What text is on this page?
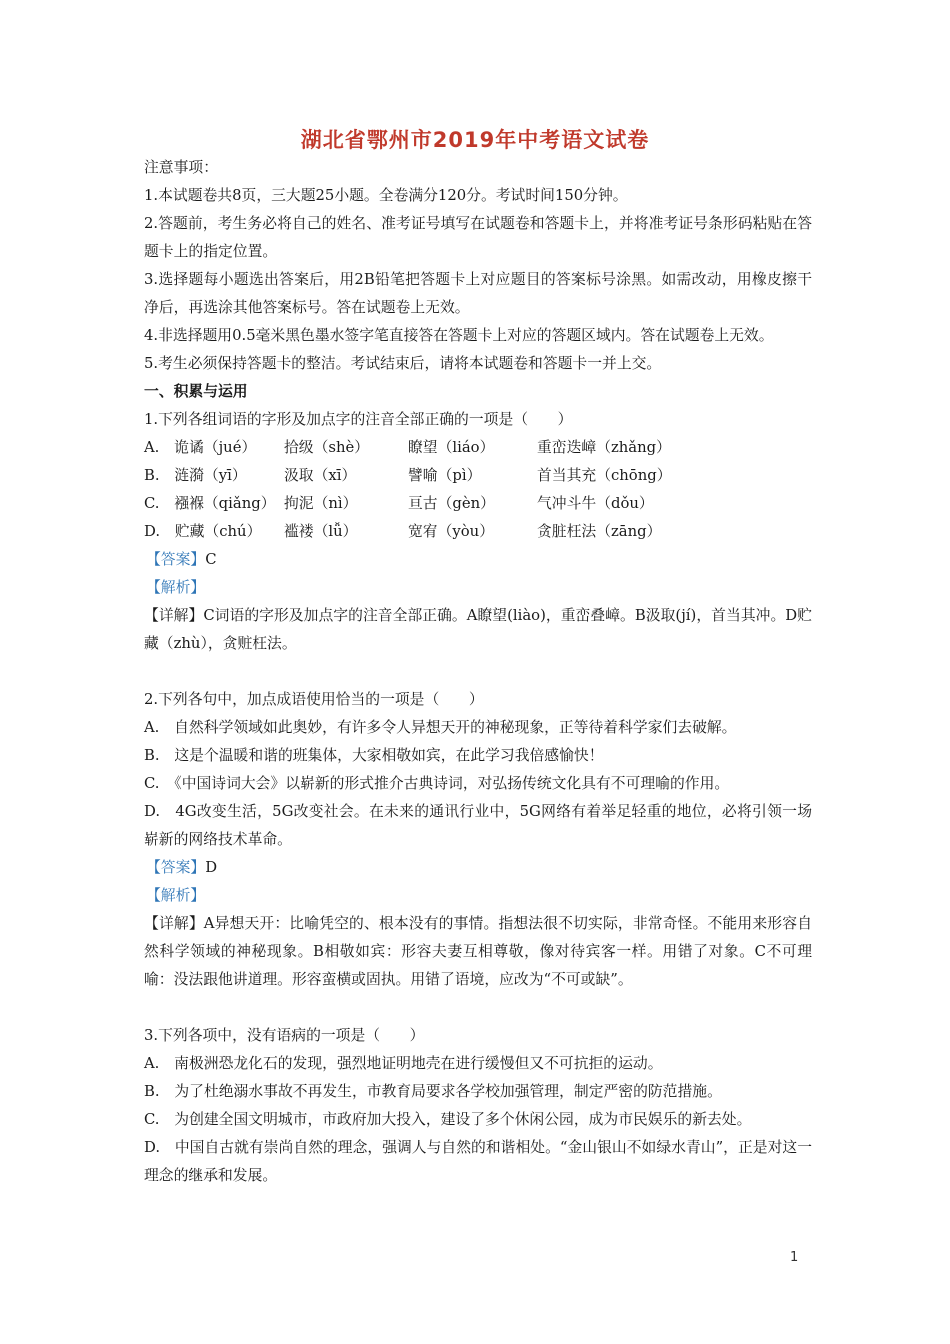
湖北省鄂州市2019年中考语文试卷
注意事项：
1.本试题卷共8页，三大题25小题。全卷满分120分。考试时间150分钟。
2.答题前，考生务必将自己的姓名、准考证号填写在试题卷和答题卡上，并将准考证号条形码粘贴在答题卡上的指定位置。
3.选择题每小题选出答案后，用2B铅笔把答题卡上对应题目的答案标号涂黑。如需改动，用橡皮擦干净后，再选涂其他答案标号。答在试题卷上无效。
4.非选择题用0.5毫米黑色墨水签字笔直接答在答题卡上对应的答题区域内。答在试题卷上无效。
5.考生必须保持答题卡的整洁。考试结束后，请将本试题卷和答题卡一并上交。
一、积累与运用
1.下列各组词语的字形及加点字的注音全部正确的一项是（　　）
A.　诡谲（jué）	拾级（shè）	瞭望（liáo）	重峦迭嶂（zhǎng）
B.　涟漪（yī）	汲取（xī）	譬喻（pì）	首当其充（chōng）
C.　襁褓（qiǎng） 拘泥（nì）	亘古（gèn）	气冲斗牛（dǒu）
D.　贮藏（chú）	褴褛（lǚ）	宽宥（yòu）	贪脏枉法（zāng）
【答案】C
【解析】
【详解】C词语的字形及加点字的注音全部正确。A瞭望(liào)，重峦叠嶂。B汲取(jí)，首当其冲。D贮藏（zhù），贪赃枉法。
2.下列各句中，加点成语使用恰当的一项是（　　）
A.　自然科学领域如此奥妙，有许多令人异想天开的神秘现象，正等待着科学家们去破解。
B.　这是个温暖和谐的班集体，大家相敬如宾，在此学习我倍感愉快！
C.　《中国诗词大会》以崭新的形式推介古典诗词，对弘扬传统文化具有不可理喻的作用。
D.　4G改变生活，5G改变社会。在未来的通讯行业中，5G网络有着举足轻重的地位，必将引领一场崭新的网络技术革命。
【答案】D
【解析】
【详解】A异想天开：比喻凭空的、根本没有的事情。指想法很不切实际，非常奇怪。不能用来形容自然科学领域的神秘现象。B相敬如宾：形容夫妻互相尊敬，像对待宾客一样。用错了对象。C不可理喻：没法跟他讲道理。形容蛮横或固执。用错了语境，应改为“不可或缺”。
3.下列各项中，没有语病的一项是（　　）
A.　南极洲恐龙化石的发现，强烈地证明地壳在进行缓慢但又不可抗拒的运动。
B.　为了杜绝溺水事故不再发生，市教育局要求各学校加强管理，制定严密的防范措施。
C.　为创建全国文明城市，市政府加大投入，建设了多个休闲公园，成为市民娱乐的新去处。
D.　中国自古就有崇尚自然的理念，强调人与自然的和谐相处。“金山银山不如绿水青山”，正是对这一理念的继承和发展。
1
